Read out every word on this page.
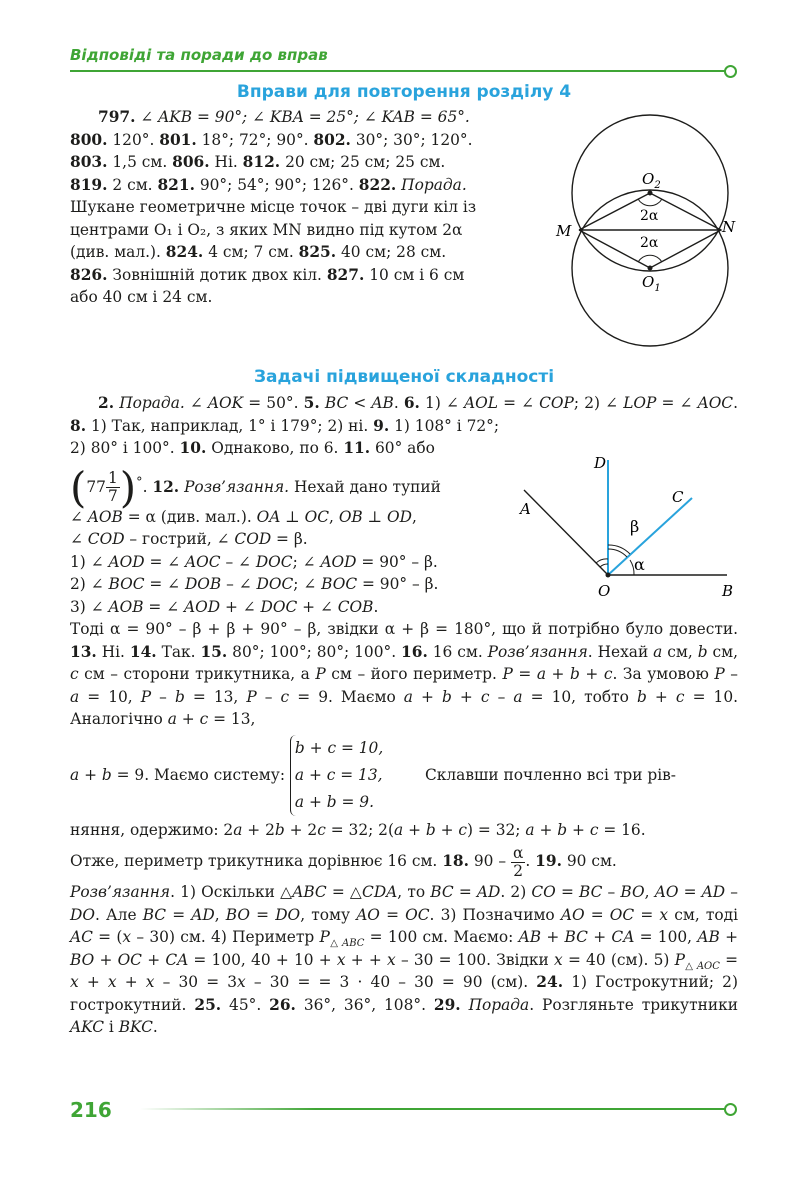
Відповіді та поради до вправ
Вправи для повторення розділу 4

797. ∠ AKB = 90°; ∠ KBA = 25°; ∠ KAB = 65°.

800. 120°. 801. 18°; 72°; 90°. 802. 30°; 30°; 120°.

803. 1,5 см. 806. Ні. 812. 20 см; 25 см; 25 см.

819. 2 см. 821. 90°; 54°; 90°; 126°. 822. Порада.

Шукане геометричне місце точок – дві дуги кіл із

центрами O₁ і O₂, з яких MN видно під кутом 2α

(див. мал.). 824. 4 см; 7 см. 825. 40 см; 28 см.

826. Зовнішній дотик двох кіл. 827. 10 см і 6 см

або 40 см і 24 см.

$O_2$
$O_1$
M	N
2α
2α
Задачі підвищеної складності
D
C
A
O	B
β
α

2. Порада. ∠ AOK = 50°. 5. BC < AB. 6. 1) ∠ AOL = ∠ COP; 2) ∠ LOP = ∠ AOC. 8. 1) Так, наприклад, 1° і 179°; 2) ні. 9. 1) 108° і 72°;

2) 80° і 100°. 10. Однаково, по 6. 11. 60° або

$(77 \frac{1}{7} )^\circ$. 12. Розв’язання. Нехай дано тупий

∠ AOB = α (див. мал.). OA ⊥ OC, OB ⊥ OD,

∠ COD – гострий, ∠ COD = β.

1) ∠ AOD = ∠ AOC – ∠ DOC; ∠ AOD = 90° – β.

2) ∠ BOC = ∠ DOB – ∠ DOC; ∠ BOC = 90° – β.

3) ∠ AOB = ∠ AOD + ∠ DOC + ∠ COB.

Тоді α = 90° – β + β + 90° – β, звідки α + β = 180°, що й потрібно було довести. 13. Ні. 14. Так. 15. 80°; 100°; 80°; 100°. 16. 16 см. Розв’язання. Нехай a см, b см, c см – сторони трикутника, а P см – його периметр. P = a + b + c. За умовою P – a = 10, P – b = 13, P – c = 9. Маємо a + b + c – a = 10, тобто b + c = 10. Аналогічно a + c = 13,

a + b = 9. Маємо систему:
b + c = 10,
a + c = 13,
a + b = 9.
Склавши почленно всі три рів-

няння, одержимо: 2a + 2b + 2c = 32; 2(a + b + c) = 32; a + b + c = 16.

Отже, периметр трикутника дорівнює 16 см. 18. $90 - \frac{\alpha}{2}$ . 19. 90 см.

Розв’язання. 1) Оскільки △ABC = △CDA, то BC = AD. 2) CO = BC – BO, AO = AD – DO. Але BC = AD, BO = DO, тому AO = OC. 3) Позначимо AO = OC = x см, тоді AC = (x – 30) см. 4) Периметр $P_{\triangle ABC} = 100$ см. Маємо: AB + BC + CA = 100, AB + BO + OC + CA = 100, 40 + 10 + x + + x – 30 = 100. Звідки x = 40 (см). 5) $P_{\triangle AOC} = x + x + x - 30 = 3x - 30$ = = 3 · 40 – 30 = 90 (см). 24. 1) Гострокутний; 2) гострокутний. 25. 45°. 26. 36°, 36°, 108°. 29. Порада. Розгляньте трикутники AKC і BKC.

216
